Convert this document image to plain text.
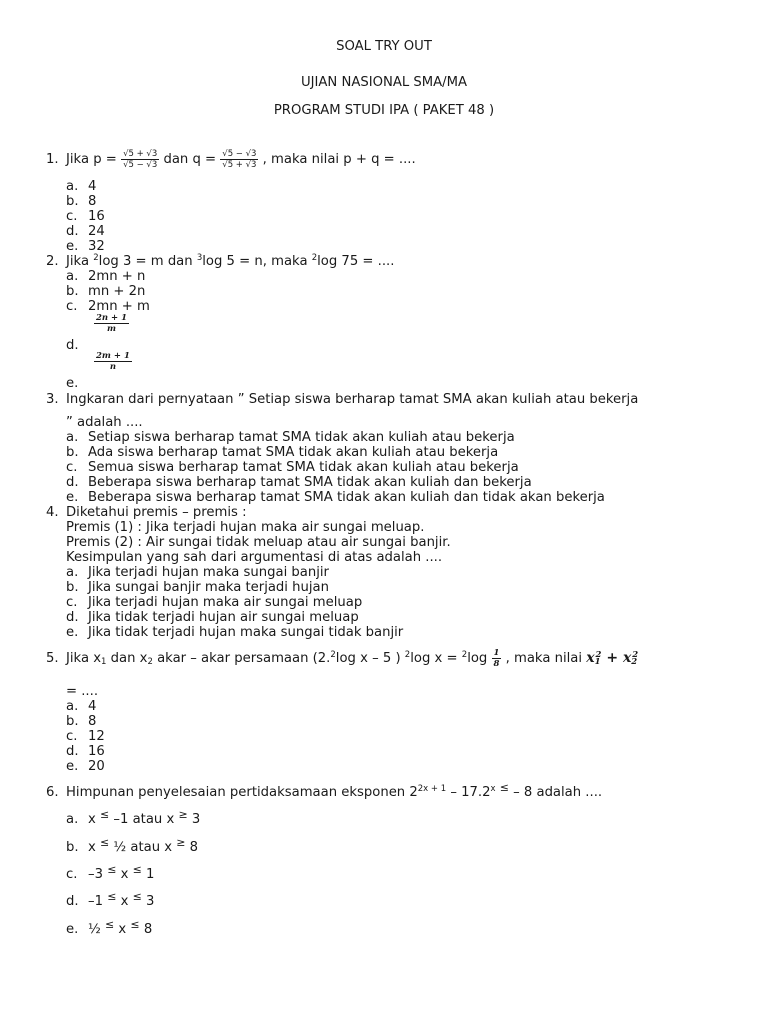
SOAL TRY OUT
UJIAN NASIONAL SMA/MA
PROGRAM STUDI IPA ( PAKET 48 )
1. Jika $p = \frac{√5 + √3}{√5 - √3}$ dan $q = \frac{√5 - √3}{√5 + √3}$ , maka nilai p + q = ....
a. 4
b. 8
c. 16
d. 24
e. 32
2. Jika $^2$log 3 = m dan $^3$log 5 = n, maka $^2$log 75 = ....
a. 2mn + n
b. mn + 2n
c. 2mn + m
$\frac{2n + 1}{m}$
d.
$\frac{2m + 1}{n}$
e.
3. Ingkaran dari pernyataan ” Setiap siswa berharap tamat SMA akan kuliah atau bekerja
” adalah ....
a. Setiap siswa berharap tamat SMA tidak akan kuliah atau bekerja
b. Ada siswa berharap tamat SMA tidak akan kuliah atau bekerja
c. Semua siswa berharap tamat SMA tidak akan kuliah atau bekerja
d. Beberapa siswa berharap tamat SMA tidak akan kuliah dan bekerja
e. Beberapa siswa berharap tamat SMA tidak akan kuliah dan tidak akan bekerja
4. Diketahui premis – premis :
Premis (1) : Jika terjadi hujan maka air sungai meluap.
Premis (2) : Air sungai tidak meluap atau air sungai banjir.
Kesimpulan yang sah dari argumentasi di atas adalah ....
a. Jika terjadi hujan maka sungai banjir
b. Jika sungai banjir maka terjadi hujan
c. Jika terjadi hujan maka air sungai meluap
d. Jika tidak terjadi hujan air sungai meluap
e. Jika tidak terjadi hujan maka sungai tidak banjir
5. Jika $x_1$ dan $x_2$ akar – akar persamaan (2.$^2$log x – 5 ) $^2$log $x = ^2\log \frac{1}{8}$ , maka nilai $x_1^2 + x_2^2$
= ....
a. 4
b. 8
c. 12
d. 16
e. 20
6. Himpunan penyelesaian pertidaksamaan eksponen $2^{2x + 1} - 17.2^x$ ≤ – 8 adalah ....
a. x ≤ –1 atau x ≥ 3
b. x ≤ ½ atau x ≥ 8
c. –3 ≤ x ≤ 1
d. –1 ≤ x ≤ 3
e. ½ ≤ x ≤ 8
